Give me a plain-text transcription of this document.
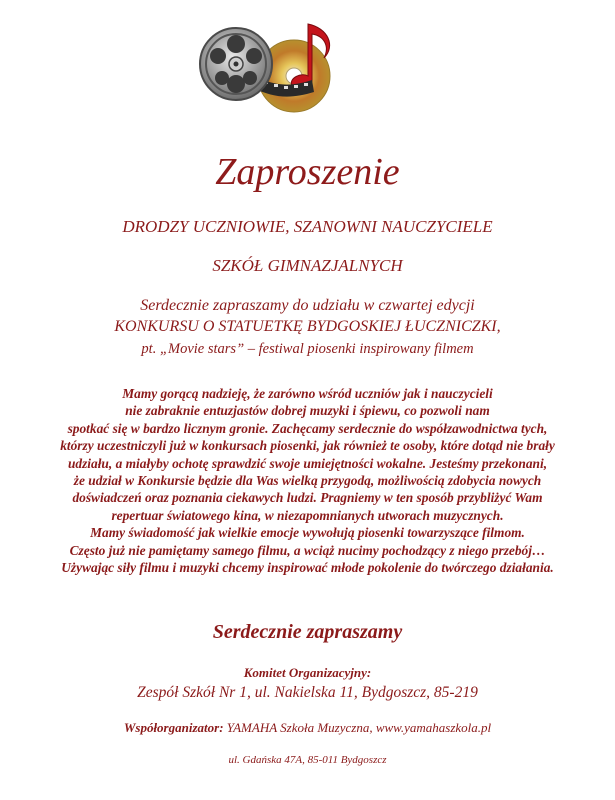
Zaproszenie
DRODZY UCZNIOWIE, SZANOWNI NAUCZYCIELE
SZKÓŁ GIMNAZJALNYCH
Serdecznie zapraszamy do udziału w czwartej edycji
KONKURSU O STATUETKĘ BYDGOSKIEJ ŁUCZNICZKI,
pt. „Movie stars” – festiwal piosenki inspirowany filmem
Mamy gorącą nadzieję, że zarówno wśród uczniów jak i nauczycieli
nie zabraknie entuzjastów dobrej muzyki i śpiewu, co pozwoli nam
spotkać się w bardzo licznym gronie. Zachęcamy serdecznie do współzawodnictwa tych,
którzy uczestniczyli już w konkursach piosenki, jak również te osoby, które dotąd nie brały
udziału, a miałyby ochotę sprawdzić swoje umiejętności wokalne. Jesteśmy przekonani,
że udział w Konkursie będzie dla Was wielką przygodą, możliwością zdobycia nowych
doświadczeń oraz poznania ciekawych ludzi. Pragniemy w ten sposób przybliżyć Wam
repertuar światowego kina, w niezapomnianych utworach muzycznych.
Mamy świadomość jak wielkie emocje wywołują piosenki towarzyszące filmom.
Często już nie pamiętamy samego filmu, a wciąż nucimy pochodzący z niego przebój…
Używając siły filmu i muzyki chcemy inspirować młode pokolenie do twórczego działania.
Serdecznie zapraszamy
Komitet Organizacyjny:
Zespół Szkół Nr 1, ul. Nakielska 11, Bydgoszcz, 85-219
Współorganizator: YAMAHA Szkoła Muzyczna, www.yamahaszkola.pl
ul. Gdańska 47A, 85-011 Bydgoszcz
